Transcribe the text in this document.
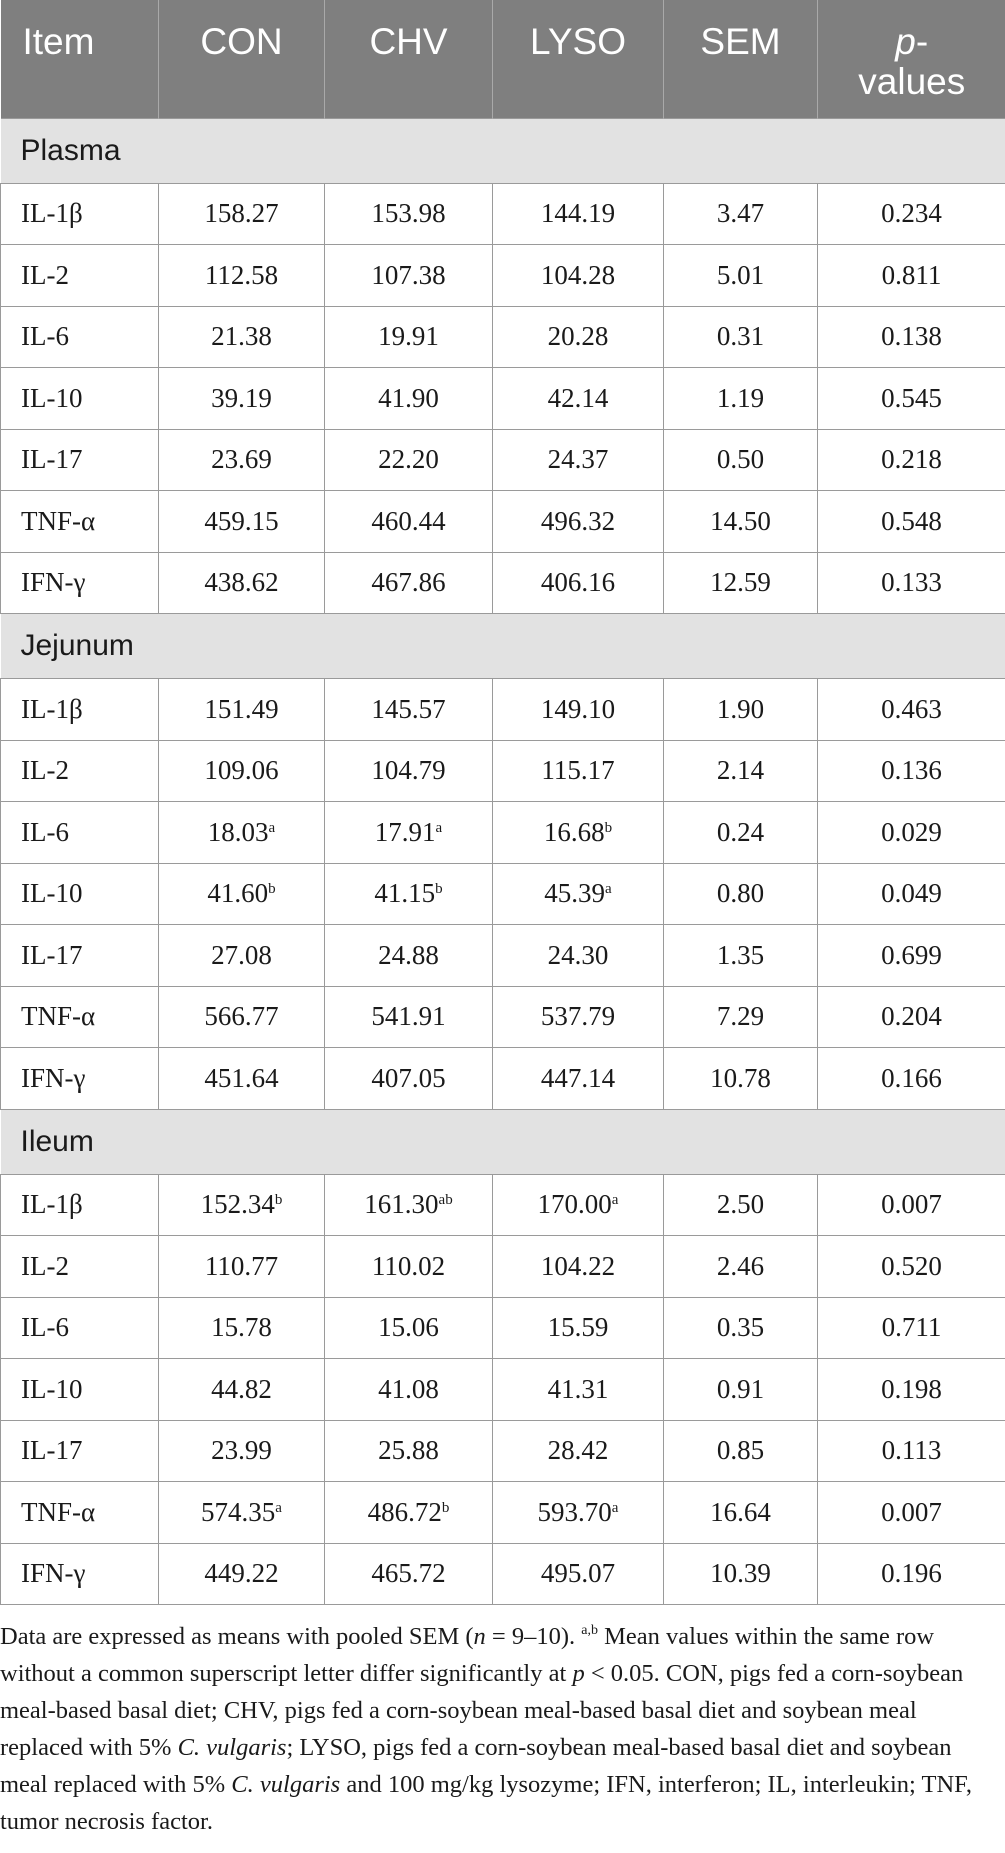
Item	CON	CHV	LYSO	SEM	p-
values
Plasma					
IL-1β	158.27	153.98	144.19	3.47	0.234
IL-2	112.58	107.38	104.28	5.01	0.811
IL-6	21.38	19.91	20.28	0.31	0.138
IL-10	39.19	41.90	42.14	1.19	0.545
IL-17	23.69	22.20	24.37	0.50	0.218
TNF-α	459.15	460.44	496.32	14.50	0.548
IFN-γ	438.62	467.86	406.16	12.59	0.133
Jejunum					
IL-1β	151.49	145.57	149.10	1.90	0.463
IL-2	109.06	104.79	115.17	2.14	0.136
IL-6	18.03$^a$	17.91$^a$	16.68$^b$	0.24	0.029
IL-10	41.60$^b$	41.15$^b$	45.39$^a$	0.80	0.049
IL-17	27.08	24.88	24.30	1.35	0.699
TNF-α	566.77	541.91	537.79	7.29	0.204
IFN-γ	451.64	407.05	447.14	10.78	0.166
Ileum					
IL-1β	152.34$^b$	161.30$^{ab}$	170.00$^a$	2.50	0.007
IL-2	110.77	110.02	104.22	2.46	0.520
IL-6	15.78	15.06	15.59	0.35	0.711
IL-10	44.82	41.08	41.31	0.91	0.198
IL-17	23.99	25.88	28.42	0.85	0.113
TNF-α	574.35$^a$	486.72$^b$	593.70$^a$	16.64	0.007
IFN-γ	449.22	465.72	495.07	10.39	0.196
Data are expressed as means with pooled SEM (n = 9–10). $^{a,b}$ Mean values within the same row without a common superscript letter differ significantly at p < 0.05. CON, pigs fed a corn-soybean meal-based basal diet; CHV, pigs fed a corn-soybean meal-based basal diet and soybean meal replaced with 5% C. vulgaris; LYSO, pigs fed a corn-soybean meal-based basal diet and soybean meal replaced with 5% C. vulgaris and 100 mg/kg lysozyme; IFN, interferon; IL, interleukin; TNF, tumor necrosis factor.
